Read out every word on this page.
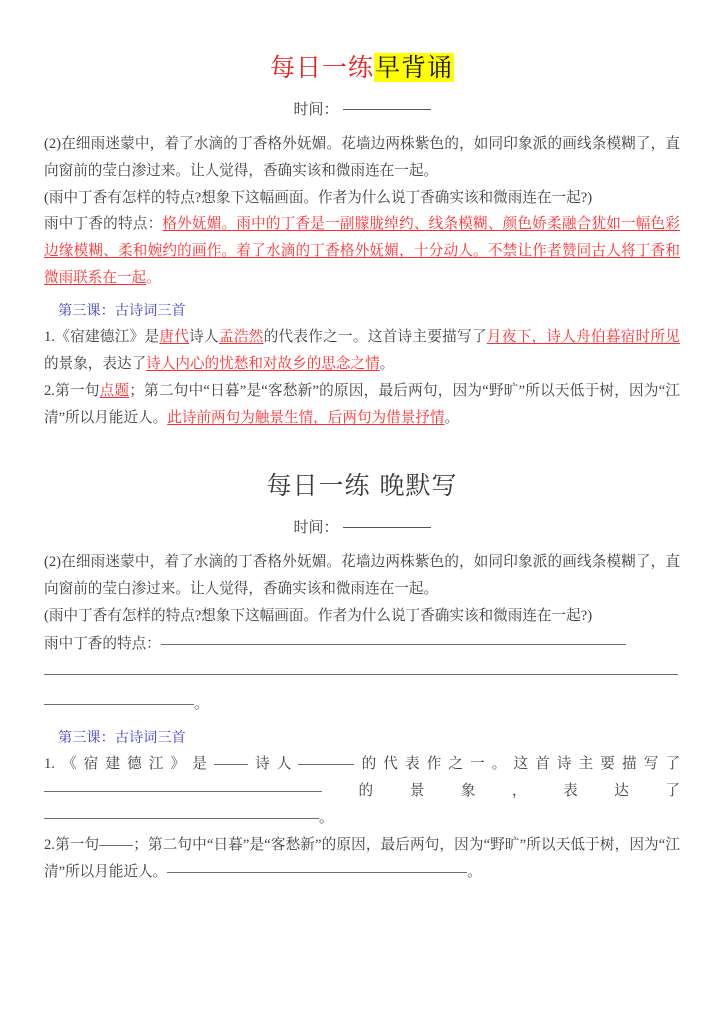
每日一练早背诵
时间：

(2)在细雨迷蒙中，着了水滴的丁香格外妩媚。花墙边两株紫色的，如同印象派的画线条模糊了，直向窗前的莹白渗过来。让人觉得，香确实该和微雨连在一起。

(雨中丁香有怎样的特点?想象下这幅画面。作者为什么说丁香确实该和微雨连在一起?)

雨中丁香的特点：格外妩媚。雨中的丁香是一副朦胧绰约、线条模糊、颜色娇柔融合犹如一幅色彩边缘模糊、柔和婉约的画作。着了水滴的丁香格外妩媚，十分动人。不禁让作者赞同古人将丁香和微雨联系在一起。

第三课：古诗词三首

1.《宿建德江》是唐代诗人孟浩然的代表作之一。这首诗主要描写了月夜下，诗人舟伯暮宿时所见的景象，表达了诗人内心的忧愁和对故乡的思念之情。

2.第一句点题；第二句中“日暮”是“客愁新”的原因，最后两句，因为“野旷”所以天低于树，因为“江清”所以月能近人。此诗前两句为触景生情，后两句为借景抒情。

每日一练 晚默写
时间：

(2)在细雨迷蒙中，着了水滴的丁香格外妩媚。花墙边两株紫色的，如同印象派的画线条模糊了，直向窗前的莹白渗过来。让人觉得，香确实该和微雨连在一起。

(雨中丁香有怎样的特点?想象下这幅画面。作者为什么说丁香确实该和微雨连在一起?)

雨中丁香的特点：
。

第三课：古诗词三首

1.《宿建德江》是 诗人	的代表作之一。这首诗主要描写了的景象，表达了。

2.第一句 ；第二句中“日暮”是“客愁新”的原因，最后两句，因为“野旷”所以天低于树，因为“江清”所以月能近人。	。
